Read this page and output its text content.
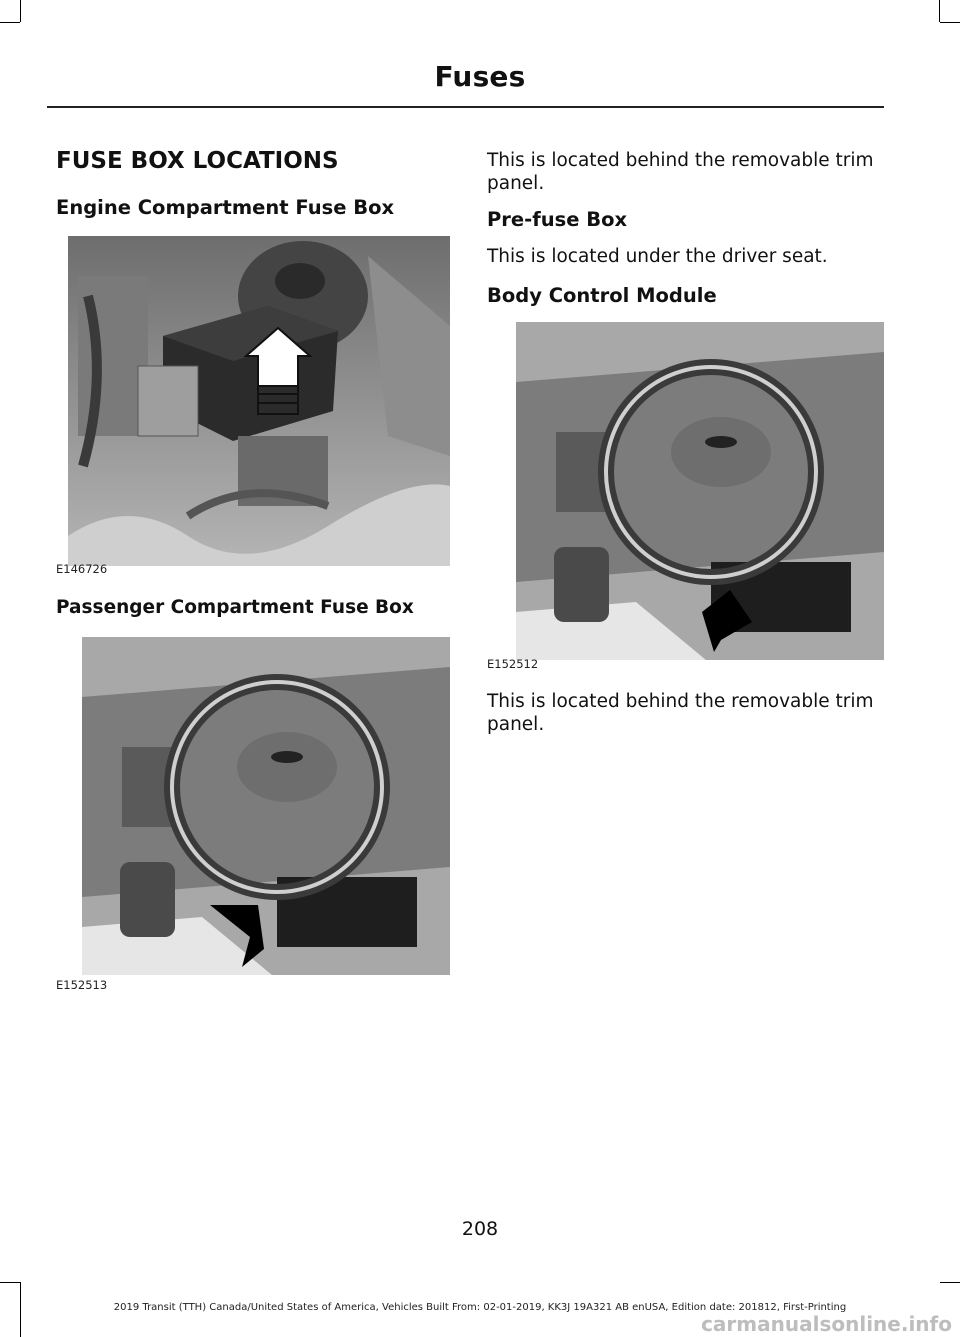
Fuses

FUSE BOX LOCATIONS

Engine Compartment Fuse Box

E146726

Passenger Compartment Fuse Box

E152513

This is located behind the removable trim panel.

Pre-fuse Box

This is located under the driver seat.

Body Control Module

E152512

This is located behind the removable trim panel.

208
2019 Transit (TTH) Canada/United States of America, Vehicles Built From: 02-01-2019, KK3J 19A321 AB enUSA, Edition date: 201812, First-Printing
carmanualsonline.info
